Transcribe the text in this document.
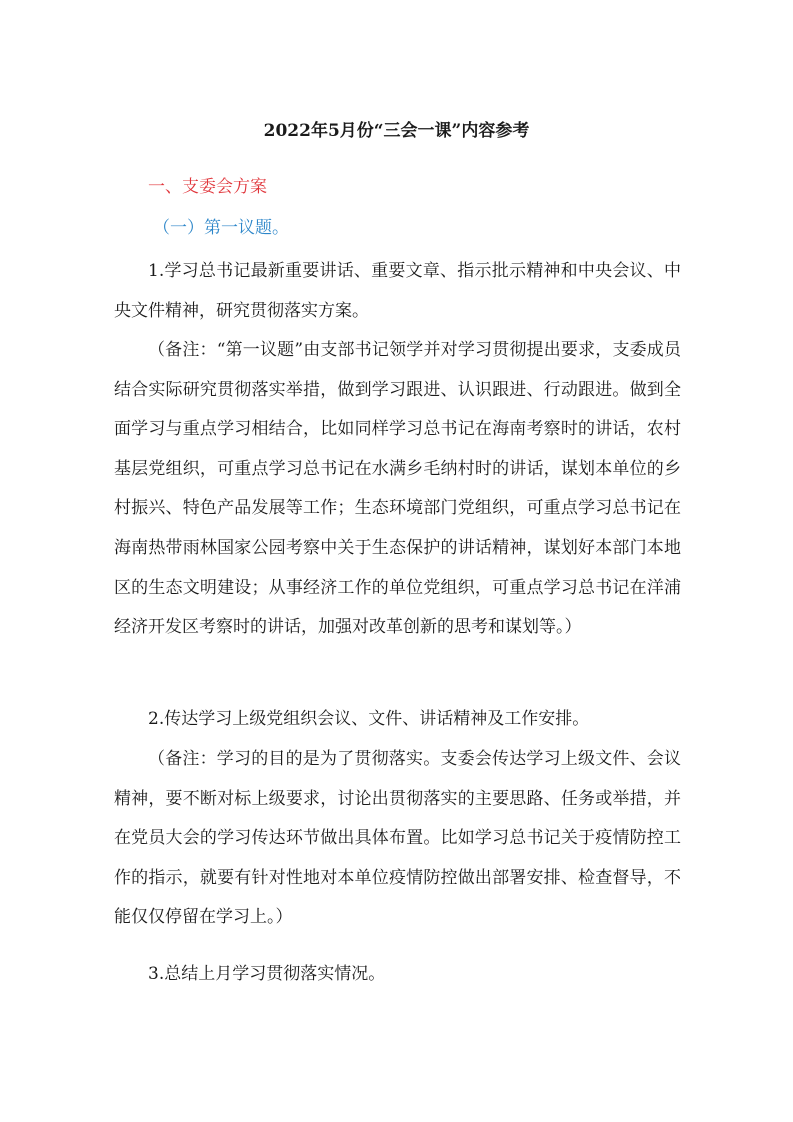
2022年5月份“三会一课”内容参考
一、支委会方案
（一）第一议题。

1.学习总书记最新重要讲话、重要文章、指示批示精神和中央会议、中央文件精神，研究贯彻落实方案。

（备注：“第一议题”由支部书记领学并对学习贯彻提出要求，支委成员结合实际研究贯彻落实举措，做到学习跟进、认识跟进、行动跟进。做到全面学习与重点学习相结合，比如同样学习总书记在海南考察时的讲话，农村基层党组织，可重点学习总书记在水满乡毛纳村时的讲话，谋划本单位的乡村振兴、特色产品发展等工作；生态环境部门党组织，可重点学习总书记在海南热带雨林国家公园考察中关于生态保护的讲话精神，谋划好本部门本地区的生态文明建设；从事经济工作的单位党组织，可重点学习总书记在洋浦经济开发区考察时的讲话，加强对改革创新的思考和谋划等。）

2.传达学习上级党组织会议、文件、讲话精神及工作安排。

（备注：学习的目的是为了贯彻落实。支委会传达学习上级文件、会议精神，要不断对标上级要求，讨论出贯彻落实的主要思路、任务或举措，并在党员大会的学习传达环节做出具体布置。比如学习总书记关于疫情防控工作的指示，就要有针对性地对本单位疫情防控做出部署安排、检查督导，不能仅仅停留在学习上。）

3.总结上月学习贯彻落实情况。
